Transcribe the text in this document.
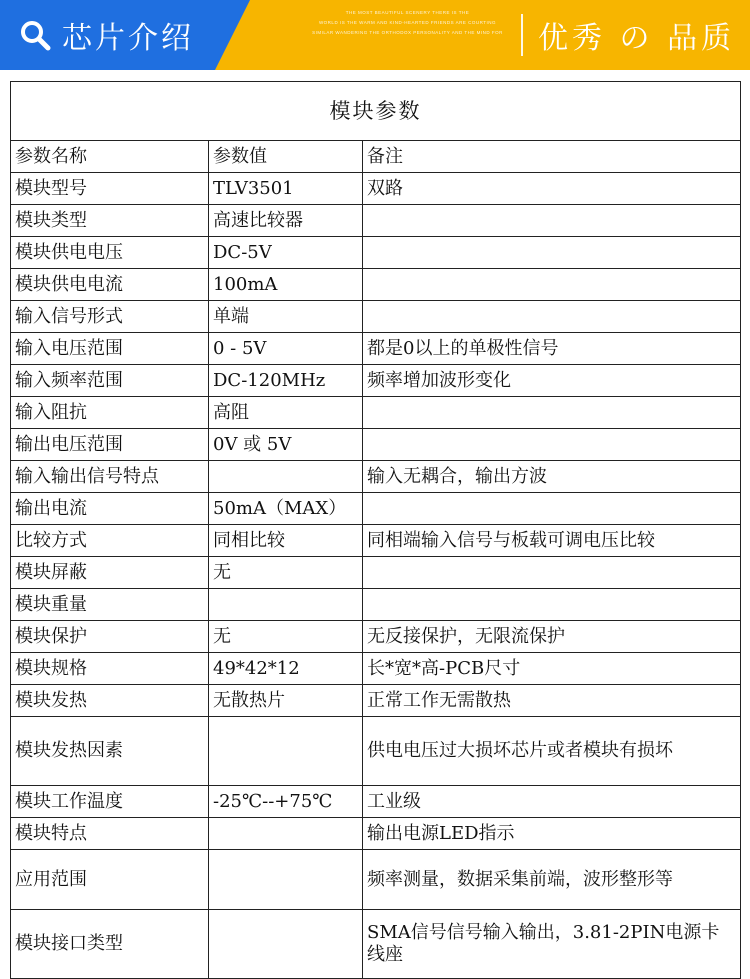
芯片介绍
THE MOST BEAUTIFUL SCENERY THERE IS THE
WORLD IS THE WARM AND KIND-HEARTED FRIENDS ARE COURTING
SIMILAR WANDERING THE ORTHODOX PERSONALITY AND THE MIND FOR	优秀 の 品质
模块参数		
参数名称	参数值	备注
模块型号	TLV3501	双路
模块类型	高速比较器	
模块供电电压	DC-5V	
模块供电电流	100mA	
输入信号形式	单端	
输入电压范围	0 - 5V	都是0以上的单极性信号
输入频率范围	DC-120MHz	频率增加波形变化
输入阻抗	高阻	
输出电压范围	0V 或 5V	
输入输出信号特点		输入无耦合，输出方波
输出电流	50mA（MAX）	
比较方式	同相比较	同相端输入信号与板载可调电压比较
模块屏蔽	无	
模块重量		
模块保护	无	无反接保护，无限流保护
模块规格	49*42*12	长*宽*高-PCB尺寸
模块发热	无散热片	正常工作无需散热
模块发热因素		供电电压过大损坏芯片或者模块有损坏
模块工作温度	-25℃--+75℃	工业级
模块特点		输出电源LED指示
应用范围		频率测量，数据采集前端，波形整形等
模块接口类型		SMA信号信号输入输出，3.81-2PIN电源卡线座
